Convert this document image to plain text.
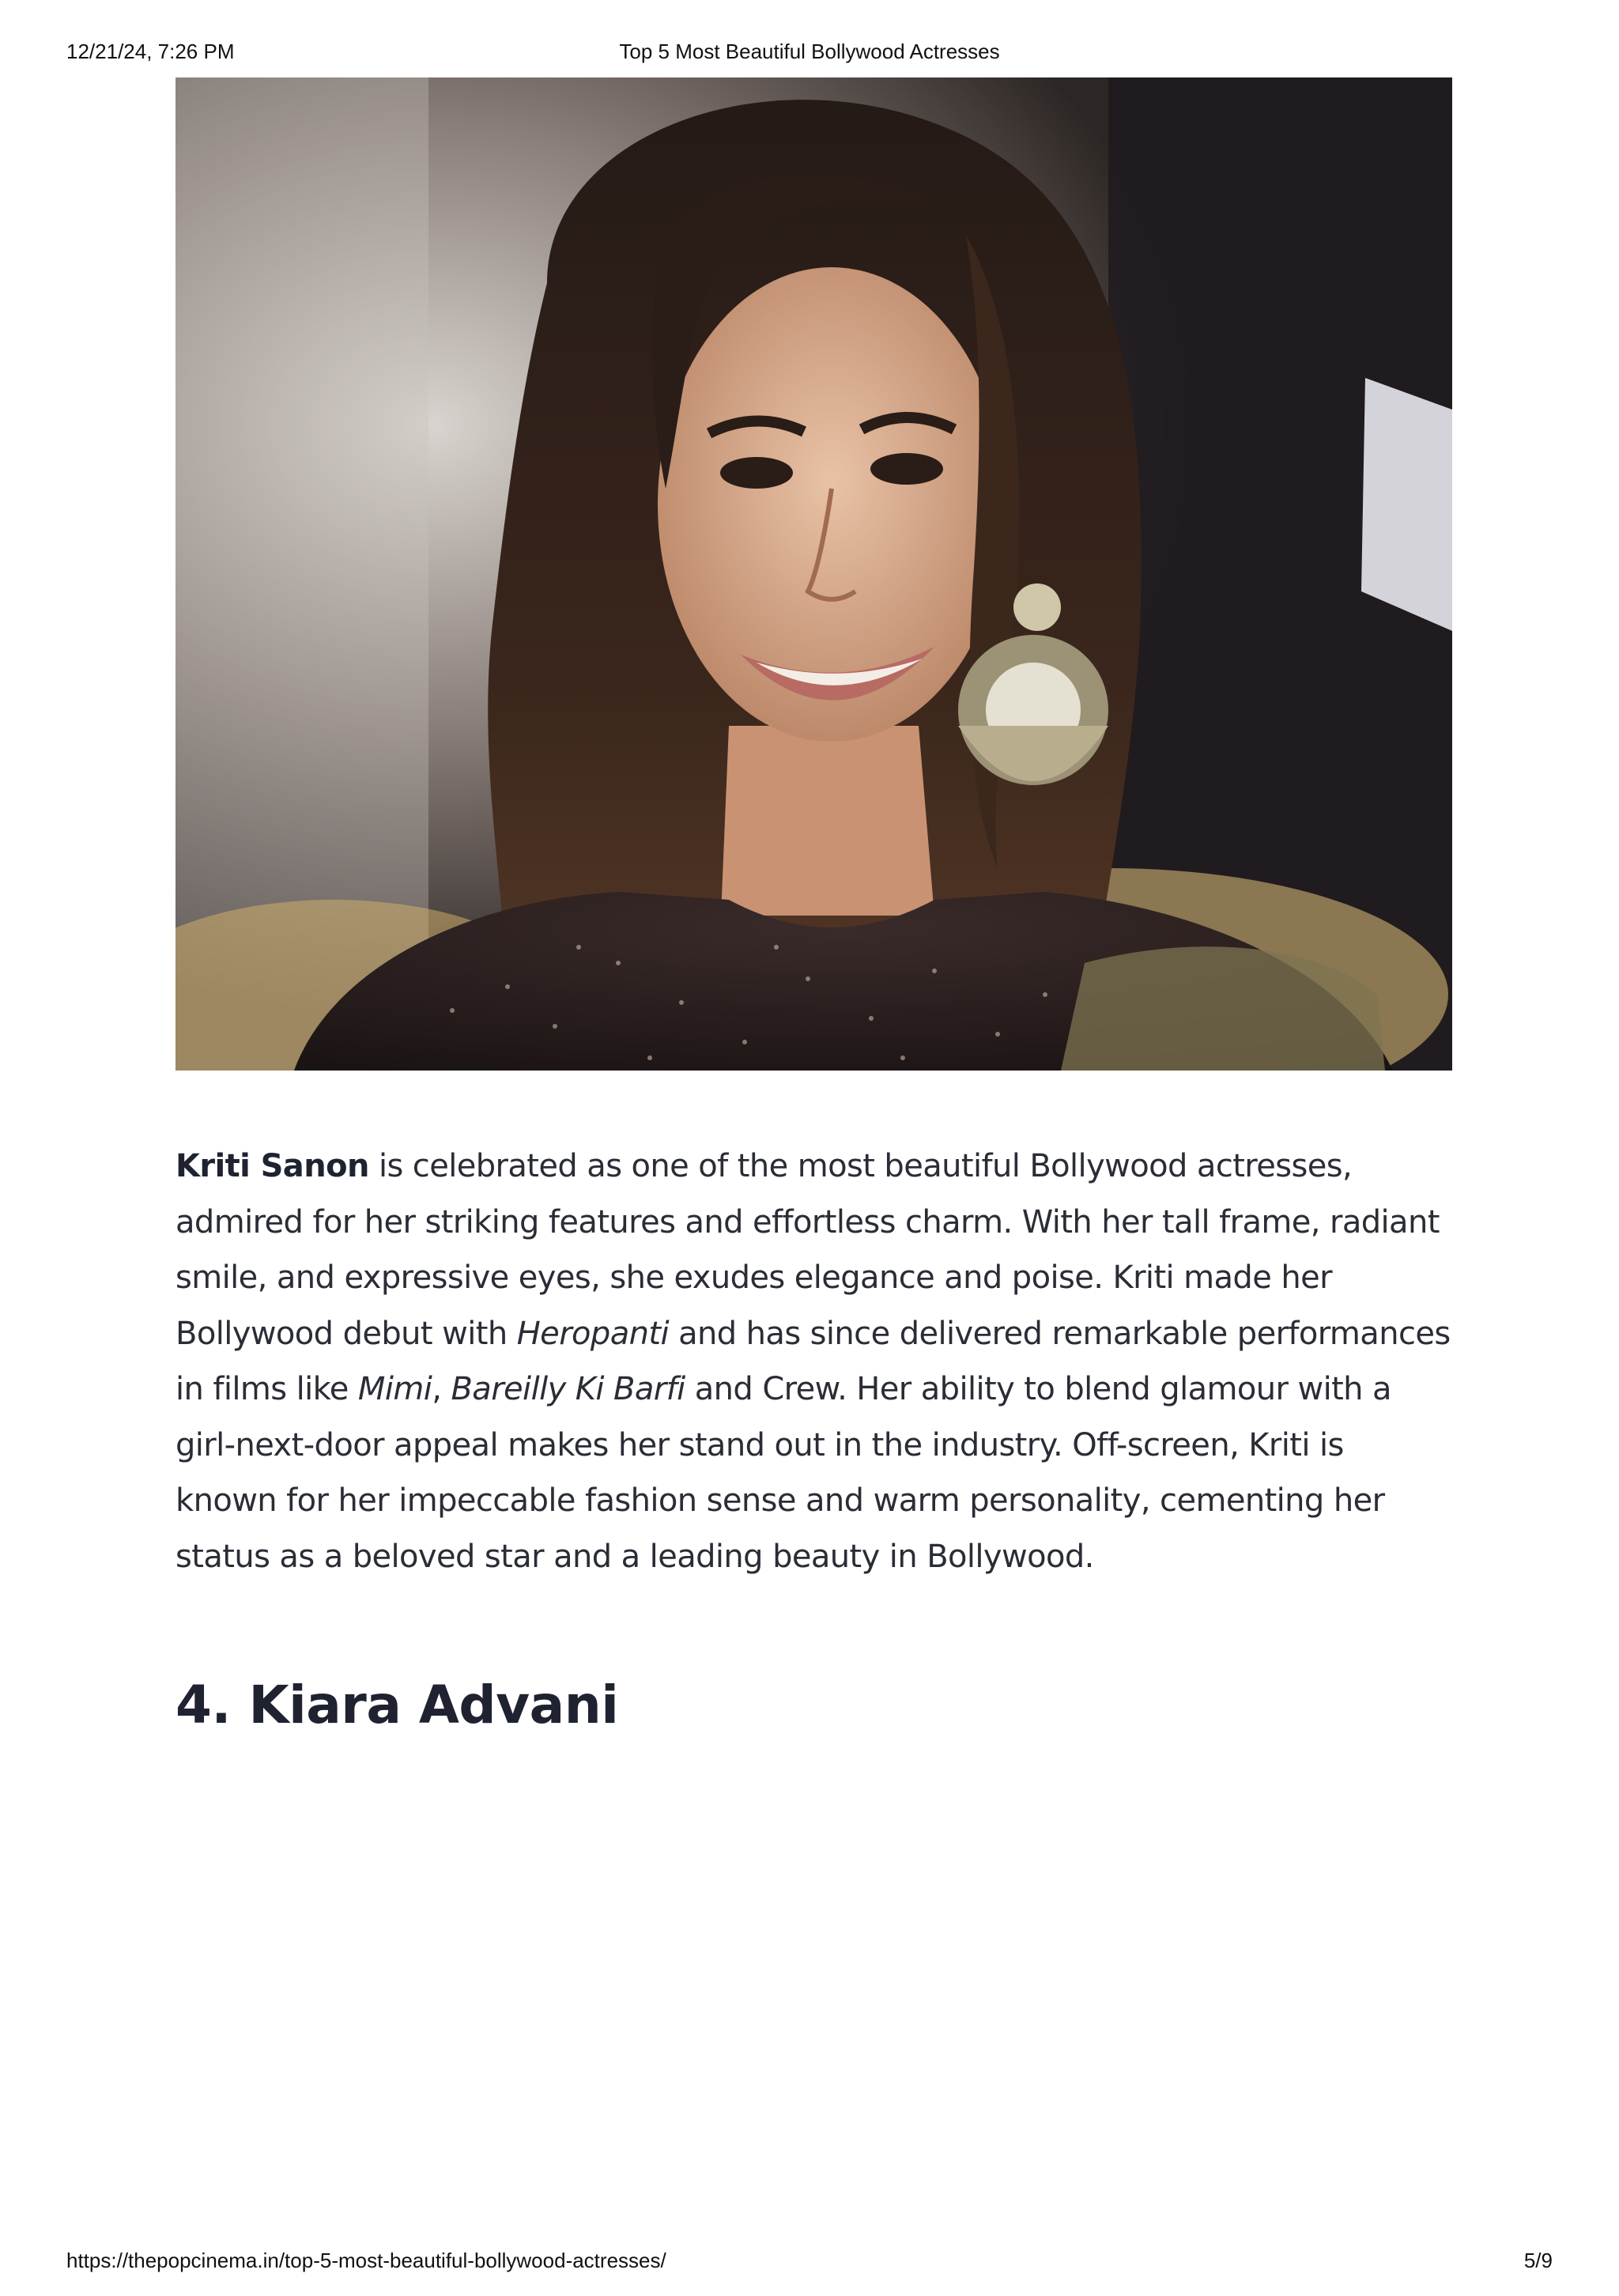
12/21/24, 7:26 PM	Top 5 Most Beautiful Bollywood Actresses

Kriti Sanon is celebrated as one of the most beautiful Bollywood actresses, admired for her striking features and effortless charm. With her tall frame, radiant smile, and expressive eyes, she exudes elegance and poise. Kriti made her Bollywood debut with Heropanti and has since delivered remarkable performances in films like Mimi, Bareilly Ki Barfi and Crew. Her ability to blend glamour with a girl-next-door appeal makes her stand out in the industry. Off-screen, Kriti is known for her impeccable fashion sense and warm personality, cementing her status as a beloved star and a leading beauty in Bollywood.

4. Kiara Advani
https://thepopcinema.in/top-5-most-beautiful-bollywood-actresses/	5/9
